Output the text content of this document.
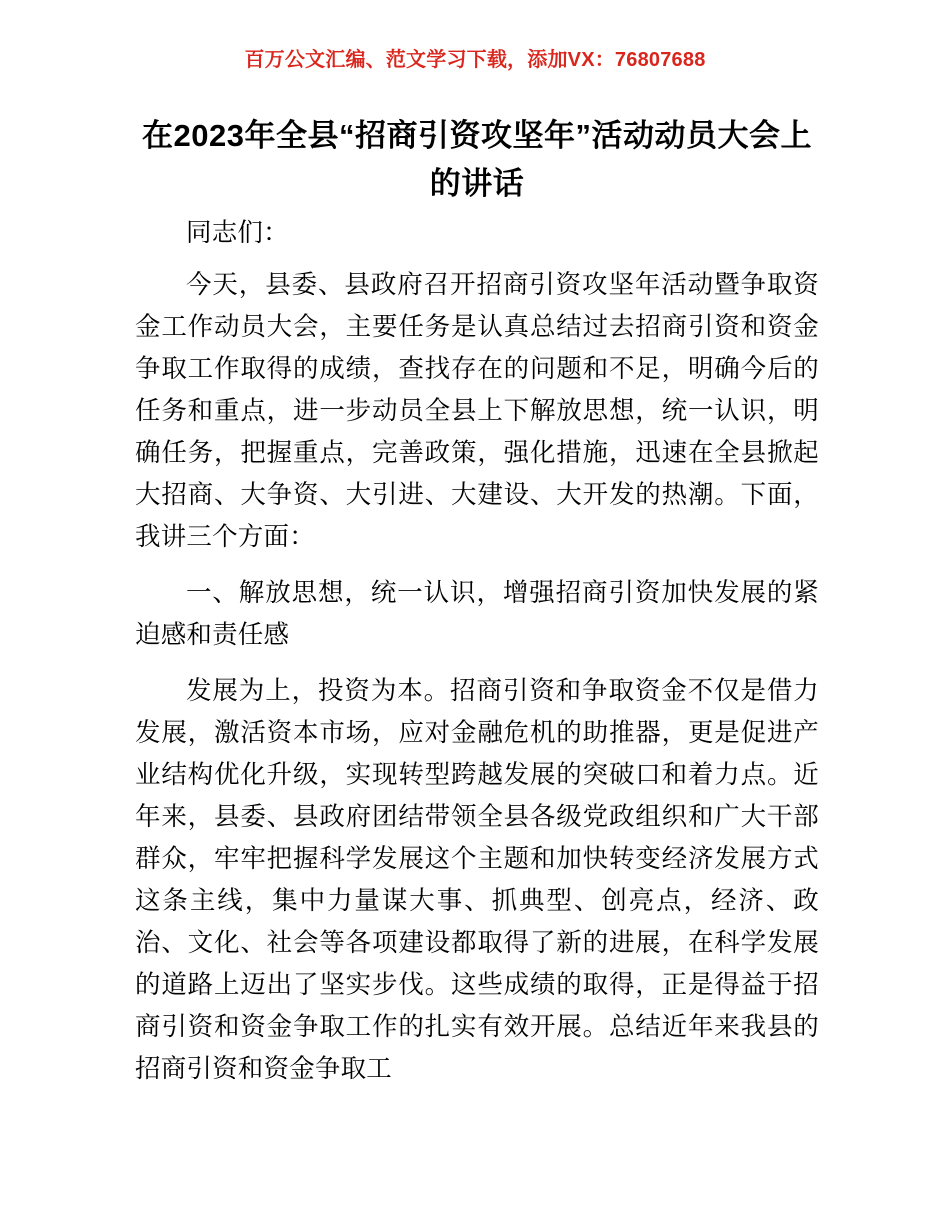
百万公文汇编、范文学习下载，添加VX：76807688
在2023年全县“招商引资攻坚年”活动动员大会上的讲话

同志们：

今天，县委、县政府召开招商引资攻坚年活动暨争取资金工作动员大会，主要任务是认真总结过去招商引资和资金争取工作取得的成绩，查找存在的问题和不足，明确今后的任务和重点，进一步动员全县上下解放思想，统一认识，明确任务，把握重点，完善政策，强化措施，迅速在全县掀起大招商、大争资、大引进、大建设、大开发的热潮。下面，我讲三个方面：

一、解放思想，统一认识，增强招商引资加快发展的紧迫感和责任感

发展为上，投资为本。招商引资和争取资金不仅是借力发展，激活资本市场，应对金融危机的助推器，更是促进产业结构优化升级，实现转型跨越发展的突破口和着力点。近年来，县委、县政府团结带领全县各级党政组织和广大干部群众，牢牢把握科学发展这个主题和加快转变经济发展方式这条主线，集中力量谋大事、抓典型、创亮点，经济、政治、文化、社会等各项建设都取得了新的进展，在科学发展的道路上迈出了坚实步伐。这些成绩的取得，正是得益于招商引资和资金争取工作的扎实有效开展。总结近年来我县的招商引资和资金争取工
